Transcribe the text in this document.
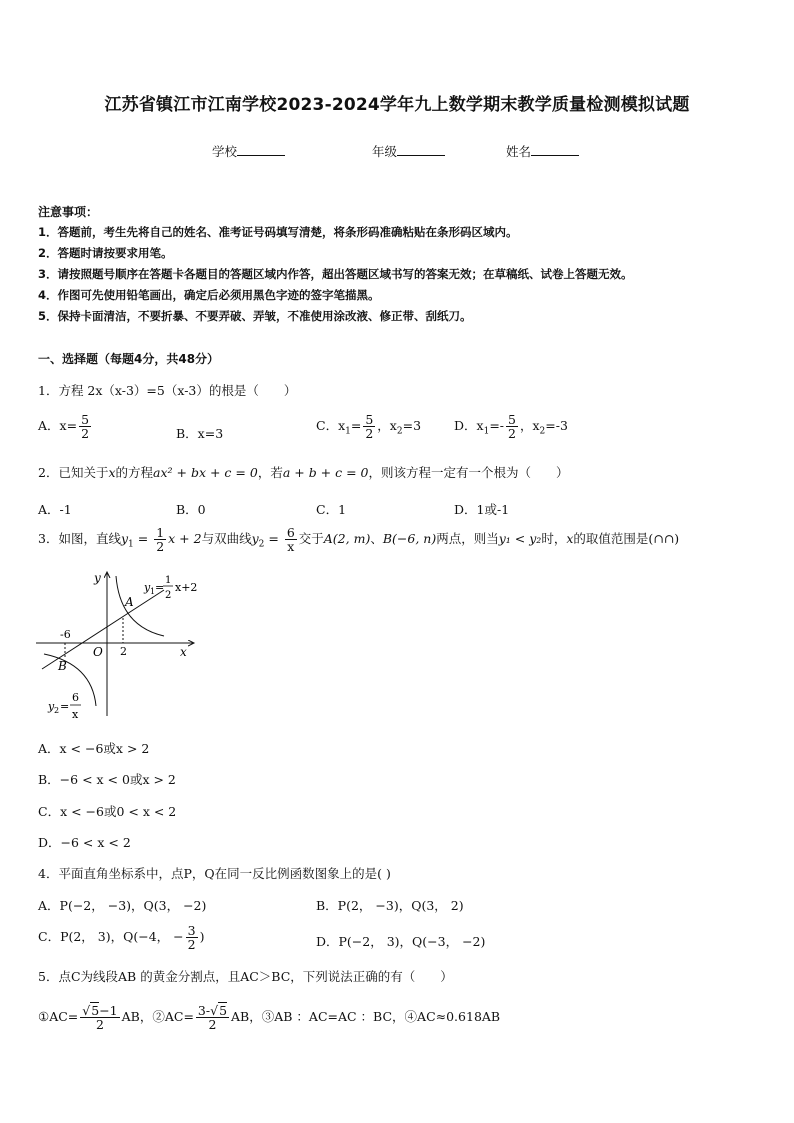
江苏省镇江市江南学校2023-2024学年九上数学期末教学质量检测模拟试题
学校	年级	姓名
注意事项：
1．答题前，考生先将自己的姓名、准考证号码填写清楚，将条形码准确粘贴在条形码区域内。
2．答题时请按要求用笔。
3．请按照题号顺序在答题卡各题目的答题区域内作答，超出答题区域书写的答案无效；在草稿纸、试卷上答题无效。
4．作图可先使用铅笔画出，确定后必须用黑色字迹的签字笔描黑。
5．保持卡面清洁，不要折暴、不要弄破、弄皱，不准使用涂改液、修正带、刮纸刀。
一、选择题（每题4分，共48分）
1．方程 2x（x-3）=5（x-3）的根是（　　）
A．$x= \frac{5}{2}$	B．x=3
C．$x_1= \frac{5}{2}$ ，$x_2=3$	D．$x_1=- \frac{5}{2}$ ，$x_2=-3$
2．已知关于x的方程ax² + bx + c = 0，若a + b + c = 0，则该方程一定有一个根为（　　）
A．-1	B．0	C．1	D．1或-1
3．如图，直线$y_1 = \frac{1}{2}$ x + 2与双曲线$y_2 = \frac{6}{x}$ 交于A(2, m)、B(−6, n)两点，则当y₁ < y₂时，x的取值范围是(∩∩)
y
x
O
A
B
-6
2
y 1 =
1
2
x+2
y 2 =
6
x
A．x < −6或x > 2
B．−6 < x < 0或x > 2
C．x < −6或0 < x < 2
D．−6 < x < 2
4．平面直角坐标系中，点P，Q在同一反比例函数图象上的是( )
A．P(−2， −3)，Q(3， −2)	B．P(2， −3)，Q(3， 2)
C．P(2， 3)，Q(−4， − $\frac{3}{2}$ )	D．P(−2， 3)，Q(−3， −2)
5．点C为线段AB 的黄金分割点，且AC＞BC，下列说法正确的有（　　）
①AC= $\frac{√5-1}{2}$ AB，②AC= $\frac{3-√5}{2}$ AB，③AB ：AC=AC ：BC，④AC≈0.618AB
